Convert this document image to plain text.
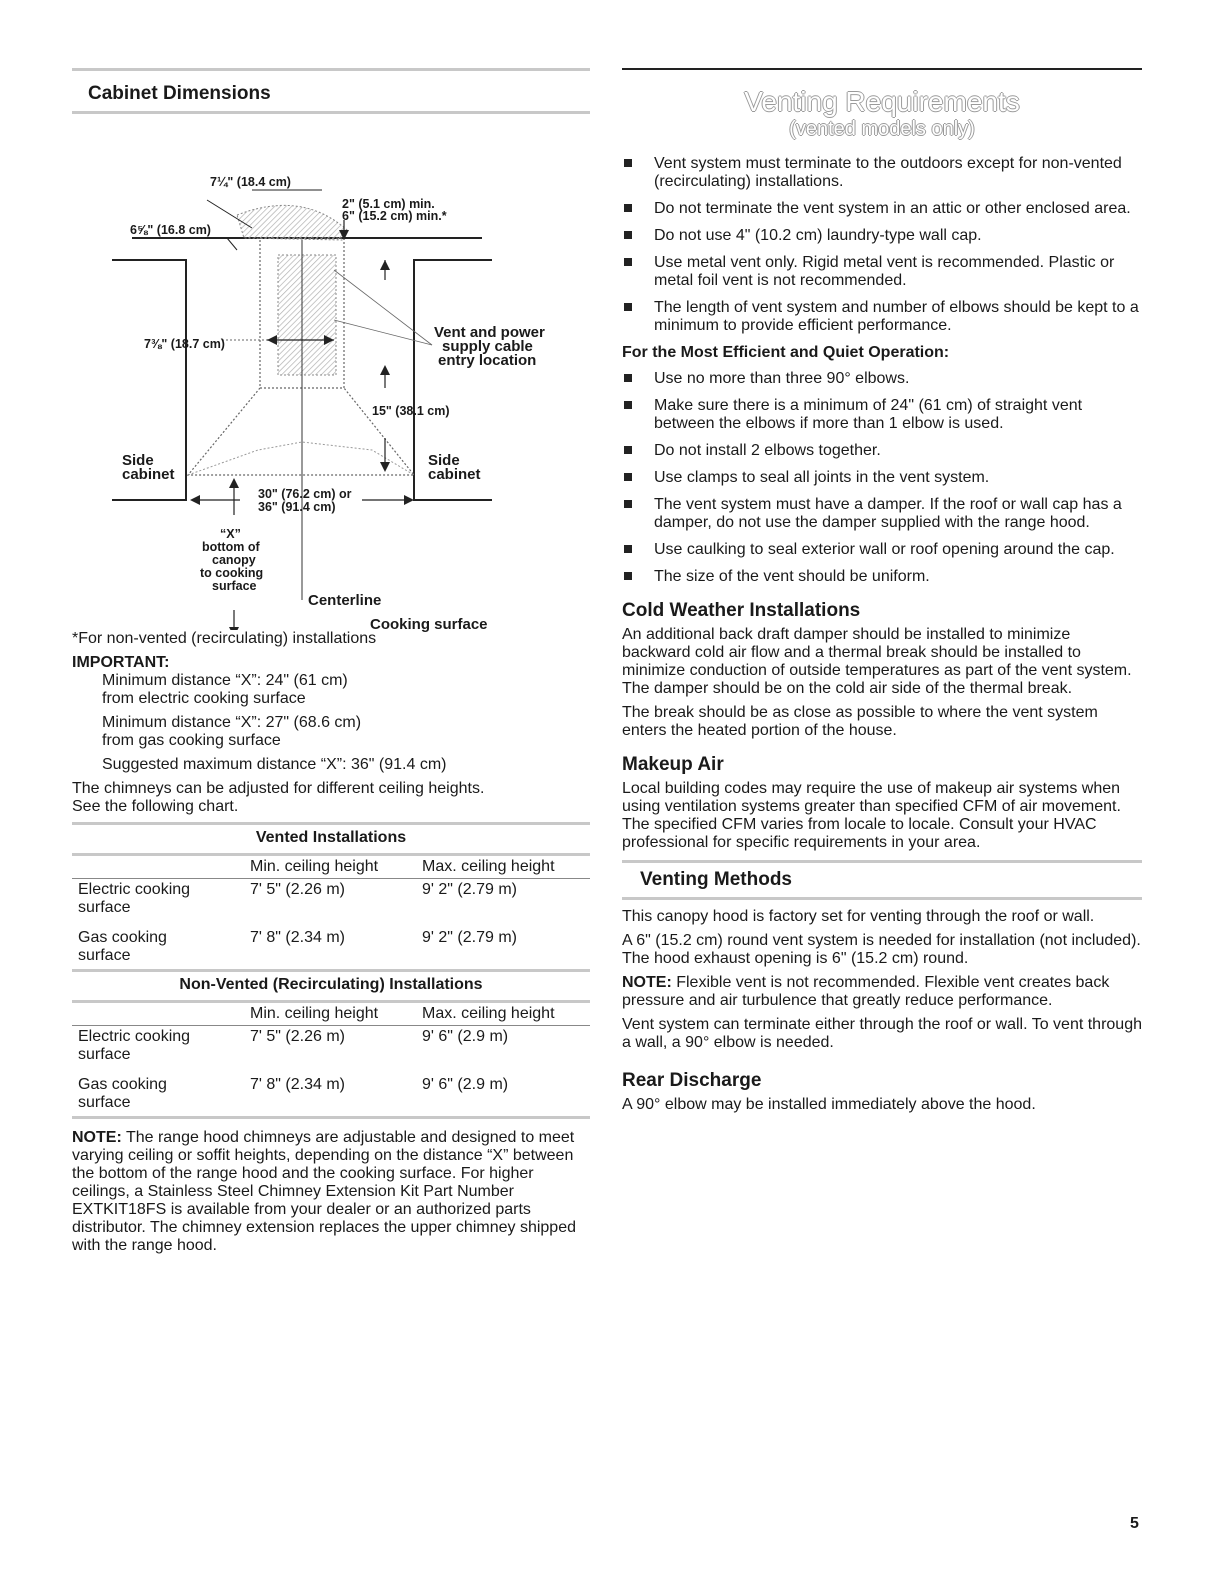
Cabinet Dimensions
7¼" (18.4 cm)
2" (5.1 cm) min.
6" (15.2 cm) min.*
6⅝" (16.8 cm)
7⅜" (18.7 cm)
Vent and power
supply cable
entry location
15" (38.1 cm)
Side
cabinet
Side
cabinet
30" (76.2 cm) or
36" (91.4 cm)
“X”
bottom of
canopy
to cooking
surface
Centerline
Cooking surface

*For non-vented (recirculating) installations

IMPORTANT:

Minimum distance “X”: 24" (61 cm)

from electric cooking surface

Minimum distance “X”: 27" (68.6 cm)

from gas cooking surface

Suggested maximum distance “X”: 36" (91.4 cm)

The chimneys can be adjusted for different ceiling heights.

See the following chart.

Vented Installations
	Min. ceiling height	Max. ceiling height

Electric cooking
surface	7' 5" (2.26 m)	9' 2" (2.79 m)
Gas cooking
surface	7' 8" (2.34 m)	9' 2" (2.79 m)
Non-Vented (Recirculating) Installations
	Min. ceiling height	Max. ceiling height

Electric cooking
surface	7' 5" (2.26 m)	9' 6" (2.9 m)
Gas cooking
surface	7' 8" (2.34 m)	9' 6" (2.9 m)

NOTE: The range hood chimneys are adjustable and designed to meet varying ceiling or soffit heights, depending on the distance “X” between the bottom of the range hood and the cooking surface. For higher ceilings, a Stainless Steel Chimney Extension Kit Part Number EXTKIT18FS is available from your dealer or an authorized parts distributor. The chimney extension replaces the upper chimney shipped with the range hood.

Venting Requirements
(vented models only)
Vent system must terminate to the outdoors except for non-vented (recirculating) installations.
Do not terminate the vent system in an attic or other enclosed area.
Do not use 4" (10.2 cm) laundry-type wall cap.
Use metal vent only. Rigid metal vent is recommended. Plastic or metal foil vent is not recommended.
The length of vent system and number of elbows should be kept to a minimum to provide efficient performance.
For the Most Efficient and Quiet Operation:
Use no more than three 90° elbows.
Make sure there is a minimum of 24" (61 cm) of straight vent between the elbows if more than 1 elbow is used.
Do not install 2 elbows together.
Use clamps to seal all joints in the vent system.
The vent system must have a damper. If the roof or wall cap has a damper, do not use the damper supplied with the range hood.
Use caulking to seal exterior wall or roof opening around the cap.
The size of the vent should be uniform.
Cold Weather Installations

An additional back draft damper should be installed to minimize backward cold air flow and a thermal break should be installed to minimize conduction of outside temperatures as part of the vent system. The damper should be on the cold air side of the thermal break.

The break should be as close as possible to where the vent system enters the heated portion of the house.

Makeup Air

Local building codes may require the use of makeup air systems when using ventilation systems greater than specified CFM of air movement. The specified CFM varies from locale to locale. Consult your HVAC professional for specific requirements in your area.

Venting Methods

This canopy hood is factory set for venting through the roof or wall.

A 6" (15.2 cm) round vent system is needed for installation (not included). The hood exhaust opening is 6" (15.2 cm) round.

NOTE: Flexible vent is not recommended. Flexible vent creates back pressure and air turbulence that greatly reduce performance.

Vent system can terminate either through the roof or wall. To vent through a wall, a 90° elbow is needed.

Rear Discharge

A 90° elbow may be installed immediately above the hood.

5
